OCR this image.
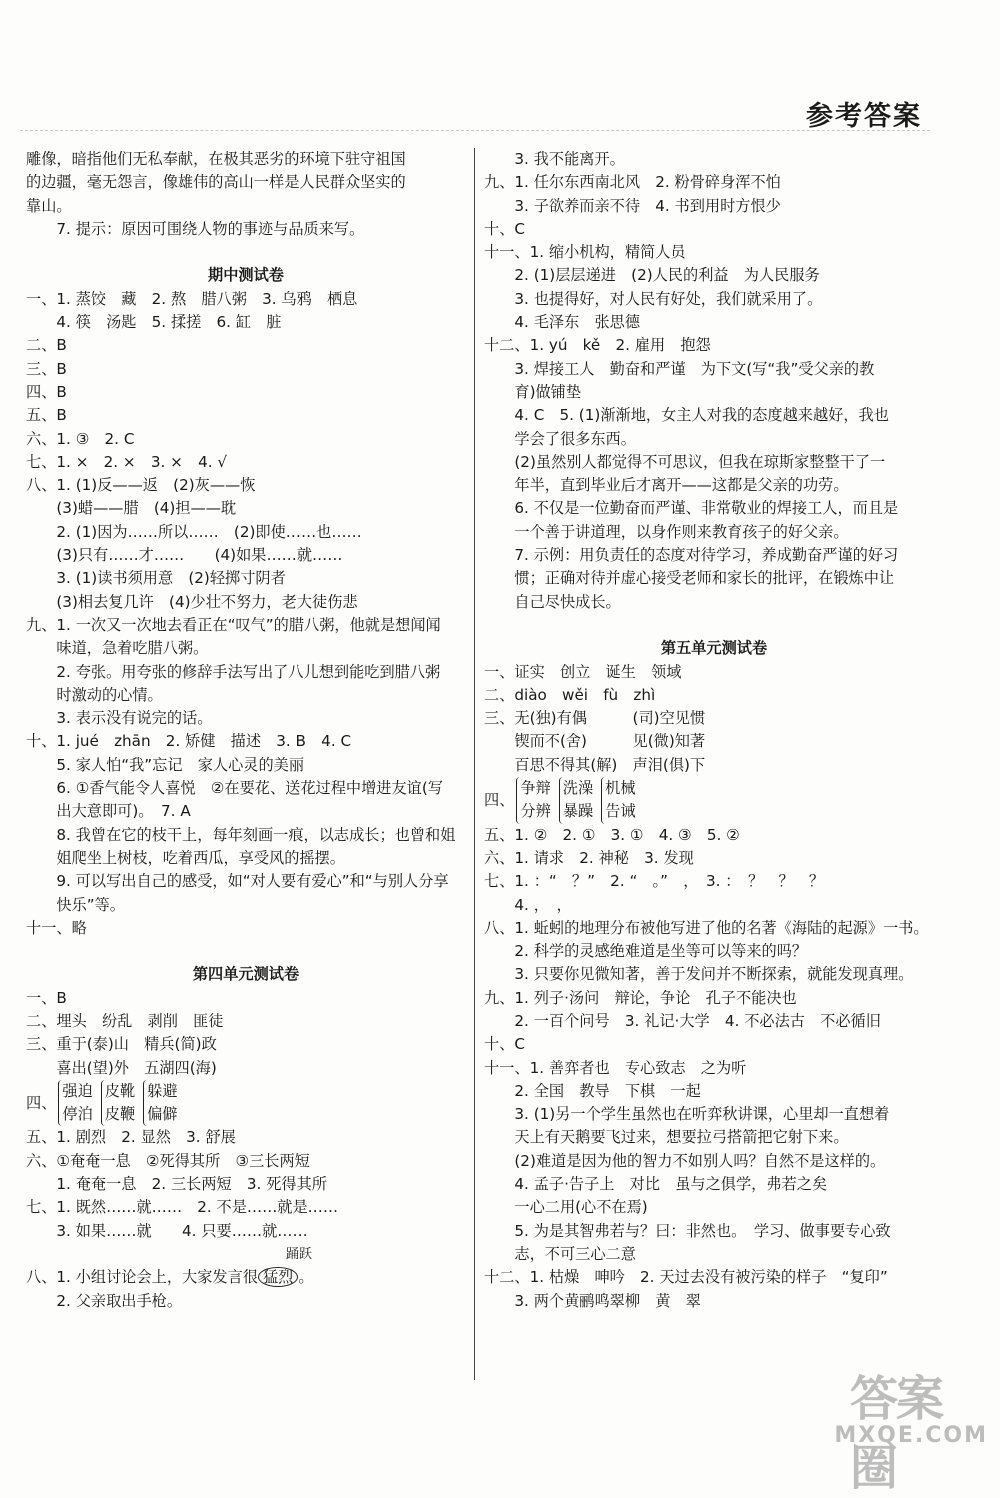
参考答案
雕像，暗指他们无私奉献，在极其恶劣的环境下驻守祖国
的边疆，毫无怨言，像雄伟的高山一样是人民群众坚实的
靠山。
　　7. 提示：原因可围绕人物的事迹与品质来写。
期中测试卷
一、1. 蒸饺　藏　2. 熬　腊八粥　3. 乌鸦　栖息
　　4. 筷　汤匙　5. 揉搓　6. 缸　脏
二、B
三、B
四、B
五、B
六、1. ③　2. C
七、1. ×　2. ×　3. ×　4. √
八、1. (1)反——返　(2)灰——恢
　　(3)蜡——腊　(4)担——耽
　　2. (1)因为……所以……　(2)即使……也……
　　(3)只有……才……　　(4)如果……就……
　　3. (1)读书须用意　(2)轻掷寸阴者
　　(3)相去复几许　(4)少壮不努力，老大徒伤悲
九、1. 一次又一次地去看正在“叹气”的腊八粥，他就是想闻闻
　　味道，急着吃腊八粥。
　　2. 夸张。用夸张的修辞手法写出了八儿想到能吃到腊八粥
　　时激动的心情。
　　3. 表示没有说完的话。
十、1. jué　zhān　2. 矫健　描述　3. B　4. C
　　5. 家人怕“我”忘记　家人心灵的美丽
　　6. ①香气能令人喜悦　②在要花、送花过程中增进友谊(写
　　出大意即可)。　7. A
　　8. 我曾在它的枝干上，每年刻画一痕，以志成长；也曾和姐
　　姐爬坐上树枝，吃着西瓜，享受风的摇摆。
　　9. 可以写出自己的感受，如“对人要有爱心”和“与别人分享
　　快乐”等。
十一、略
第四单元测试卷
一、B
二、埋头　纷乱　剥削　匪徒
三、重于(泰)山　精兵(简)政
　　喜出(望)外　五湖四(海)
四、
强迫
停泊
皮靴
皮鞭
躲避
偏僻
五、1. 剧烈　2. 显然　3. 舒展
六、①奄奄一息　②死得其所　③三长两短
　　1. 奄奄一息　2. 三长两短　3. 死得其所
七、1. 既然……就……　2. 不是……就是……
　　3. 如果……就　　4. 只要……就……
踊跃
八、1. 小组讨论会上，大家发言很 猛烈 。
　　2. 父亲取出手枪。
　　3. 我不能离开。
九、1. 任尔东西南北风　2. 粉骨碎身浑不怕
　　3. 子欲养而亲不待　4. 书到用时方恨少
十、C
十一、1. 缩小机构，精简人员
　　2. (1)层层递进　(2)人民的利益　为人民服务
　　3. 也提得好，对人民有好处，我们就采用了。
　　4. 毛泽东　张思德
十二、1. yú　kě　2. 雇用　抱怨
　　3. 焊接工人　勤奋和严谨　为下文(写“我”受父亲的教
　　育)做铺垫
　　4. C　5. (1)渐渐地，女主人对我的态度越来越好，我也
　　学会了很多东西。
　　(2)虽然别人都觉得不可思议，但我在琼斯家整整干了一
　　年半，直到毕业后才离开——这都是父亲的功劳。
　　6. 不仅是一位勤奋而严谨、非常敬业的焊接工人，而且是
　　一个善于讲道理，以身作则来教育孩子的好父亲。
　　7. 示例：用负责任的态度对待学习，养成勤奋严谨的好习
　　惯；正确对待并虚心接受老师和家长的批评，在锻炼中让
　　自己尽快成长。
第五单元测试卷
一、证实　创立　诞生　领域
二、diào　wěi　fù　zhì
三、无(独)有偶　　　(司)空见惯
　　锲而不(舍)　　　见(微)知著
　　百思不得其(解)　声泪(俱)下
四、
争辩
分辨
洗澡
暴躁
机械
告诫
五、1. ②　2. ①　3. ①　4. ③　5. ②
六、1. 请求　2. 神秘　3. 发现
七、1. ：“　？”　2. “　。”　，　3. ：　？　？　？
　　4. ，　，
八、1. 蚯蚓的地理分布被他写进了他的名著《海陆的起源》一书。
　　2. 科学的灵感绝难道是坐等可以等来的吗？
　　3. 只要你见微知著，善于发问并不断探索，就能发现真理。
九、1. 列子·汤问　辩论，争论　孔子不能决也
　　2. 一百个问号　3. 礼记·大学　4. 不必法古　不必循旧
十、C
十一、1. 善弈者也　专心致志　之为听
　　2. 全国　教导　下棋　一起
　　3. (1)另一个学生虽然也在听弈秋讲课，心里却一直想着
　　天上有天鹅要飞过来，想要拉弓搭箭把它射下来。
　　(2)难道是因为他的智力不如别人吗？自然不是这样的。
　　4. 孟子·告子上　对比　虽与之俱学，弗若之矣
　　一心二用(心不在焉)　　
　　5. 为是其智弗若与？曰：非然也。　学习、做事要专心致
　　志，不可三心二意
十二、1. 枯燥　呻吟　2. 天过去没有被污染的样子　“复印”
　　3. 两个黄鹂鸣翠柳　黄　翠
答案圈
MXQE.COM
